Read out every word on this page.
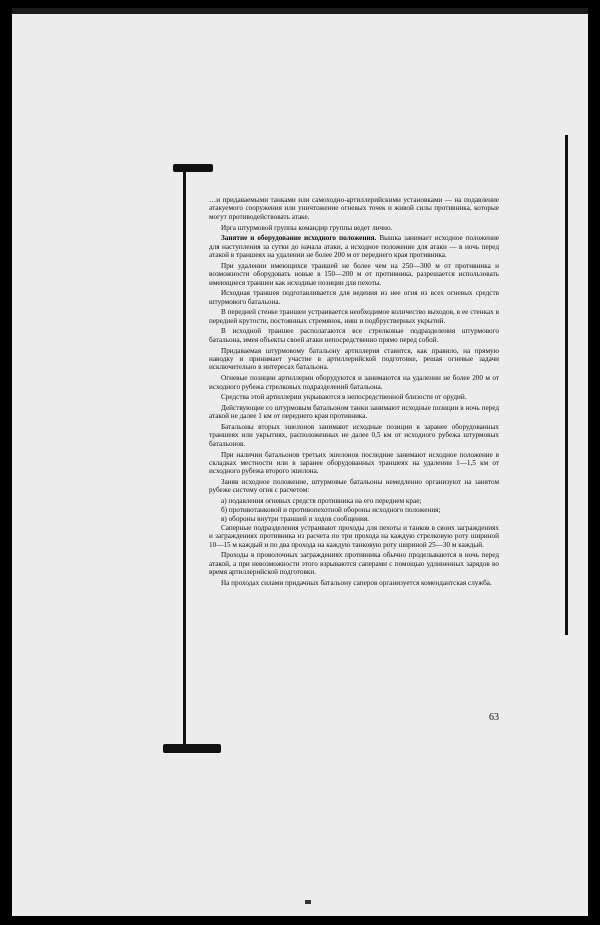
…и придаваемыми танками или самоходно-артиллерийскими установками — на подавление атакуемого сооружения или уничтожение огневых точек и живой силы противника, которые могут противодействовать атаке.

Ирга штурмовой группы командир группы ведет лично.

Занятие и оборудование исходного положения. Вышка занимает исходное положение для наступления за сутки до начала атаки, а исходное положение для атаки — в ночь перед атакой в траншеях на удалении не более 200 м от переднего края противника.

При удалении имеющихся траншей не более чем на 250—300 м от противника и возможности оборудовать новые в 150—200 м от противника, разрешается использовать имеющиеся траншеи как исходные позиции для пехоты.

Исходная траншея подготавливается для ведения из нее огня из всех огневых средств штурмового батальона.

В передней стенке траншеи устраивается необходимое количество выходов, в ее стенках в передней крутости, постоянных стремянок, ниш и подбрустверных укрытий.

В исходной траншее располагаются все стрелковые подразделения штурмового батальона, имея объекты своей атаки непосредственно прямо перед собой.

Придаваемая штурмовому батальону артиллерия ставится, как правило, на прямую наводку и принимает участие в артиллерийской подготовке, решая огневые задачи исключительно в интересах батальона.

Огневые позиции артиллерии оборудуются и занимаются на удалении не более 200 м от исходного рубежа стрелковых подразделений батальона.

Средства этой артиллерии укрываются в непосредственной близости от орудий.

Действующие со штурмовым батальоном танки занимают исходные позиции в ночь перед атакой не далее 1 км от переднего края противника.

Батальоны вторых эшелонов занимают исходные позиции в заранее оборудованных траншеях или укрытиях, расположенных не далее 0,5 км от исходного рубежа штурмовых батальонов.

При наличии батальонов третьих эшелонов последние занимают исходное положение в складках местности или в заранее оборудованных траншеях на удалении 1—1,5 км от исходного рубежа второго эшелона.

Заняв исходное положение, штурмовые батальоны немедленно организуют на занятом рубеже систему огня с расчетом:

а) подавления огневых средств противника на его переднем крае;

б) противотанковой и противопехотной обороны исходного положения;

в) обороны внутри траншей и ходов сообщения.

Саперные подразделения устраивают проходы для пехоты и танков в своих заграждениях и заграждениях противника из расчета по три прохода на каждую стрелковую роту шириной 10—15 м каждый и по два прохода на каждую танковую роту шириной 25—30 м каждый.

Проходы в проволочных заграждениях противника обычно проделываются в ночь перед атакой, а при невозможности этого взрываются саперами с помощью удлиненных зарядов во время артиллерийской подготовки.

На проходах силами придачных батальону саперов организуется комендантская служба.

63
